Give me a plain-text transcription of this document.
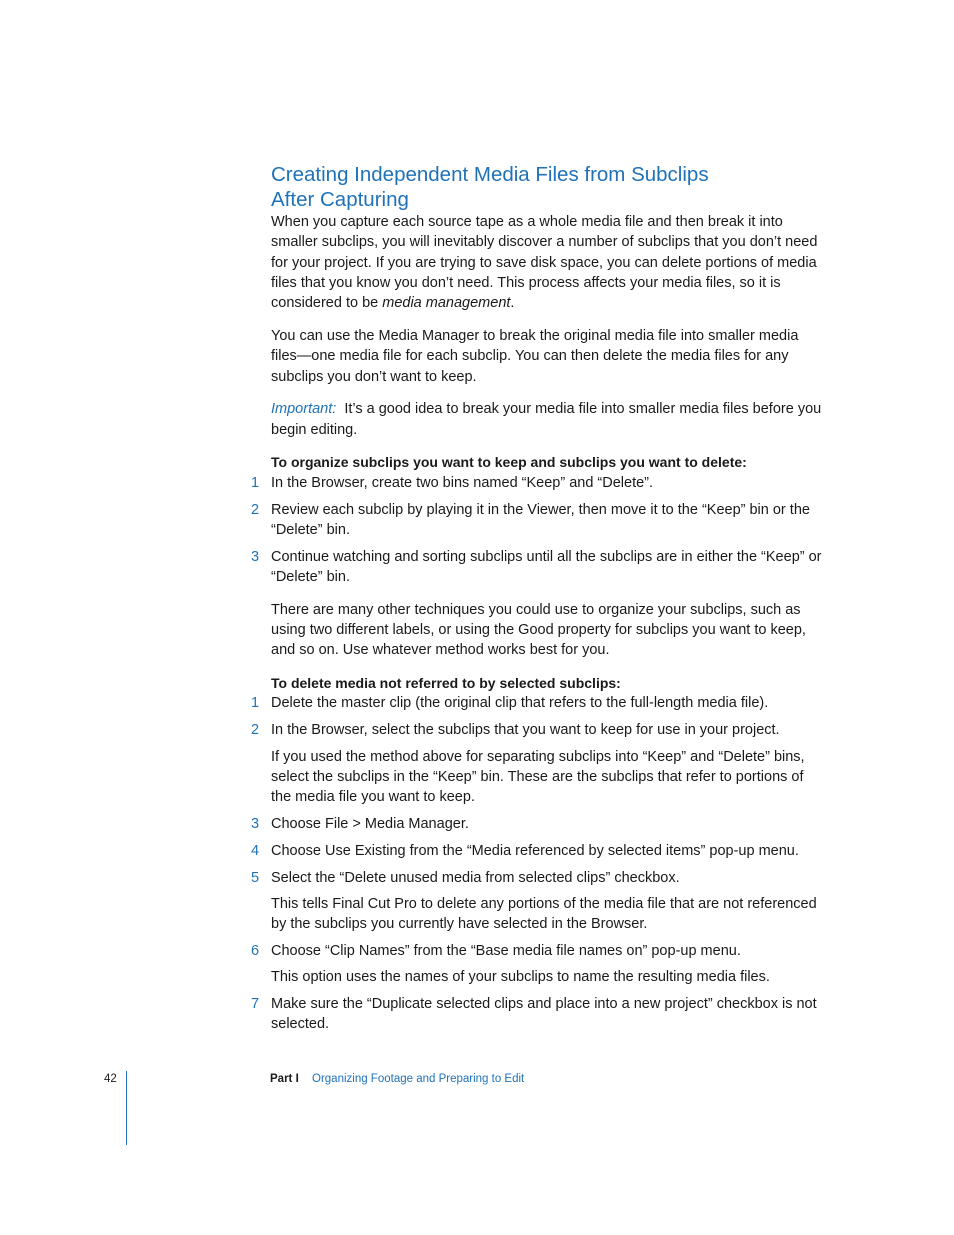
Creating Independent Media Files from Subclips
After Capturing

When you capture each source tape as a whole media file and then break it into smaller subclips, you will inevitably discover a number of subclips that you don’t need for your project. If you are trying to save disk space, you can delete portions of media files that you know you don’t need. This process affects your media files, so it is considered to be media management.

You can use the Media Manager to break the original media file into smaller media files—one media file for each subclip. You can then delete the media files for any subclips you don’t want to keep.

Important: It’s a good idea to break your media file into smaller media files before you begin editing.

To organize subclips you want to keep and subclips you want to delete:
1 In the Browser, create two bins named “Keep” and “Delete”.
2 Review each subclip by playing it in the Viewer, then move it to the “Keep” bin or the “Delete” bin.
3 Continue watching and sorting subclips until all the subclips are in either the “Keep” or “Delete” bin.

There are many other techniques you could use to organize your subclips, such as using two different labels, or using the Good property for subclips you want to keep, and so on. Use whatever method works best for you.

To delete media not referred to by selected subclips:
1 Delete the master clip (the original clip that refers to the full-length media file).
2 In the Browser, select the subclips that you want to keep for use in your project.
If you used the method above for separating subclips into “Keep” and “Delete” bins, select the subclips in the “Keep” bin. These are the subclips that refer to portions of the media file you want to keep.
3 Choose File > Media Manager.
4 Choose Use Existing from the “Media referenced by selected items” pop-up menu.
5 Select the “Delete unused media from selected clips” checkbox.
This tells Final Cut Pro to delete any portions of the media file that are not referenced by the subclips you currently have selected in the Browser.
6 Choose “Clip Names” from the “Base media file names on” pop-up menu.
This option uses the names of your subclips to name the resulting media files.
7 Make sure the “Duplicate selected clips and place into a new project” checkbox is not selected.
42	Part I Organizing Footage and Preparing to Edit
